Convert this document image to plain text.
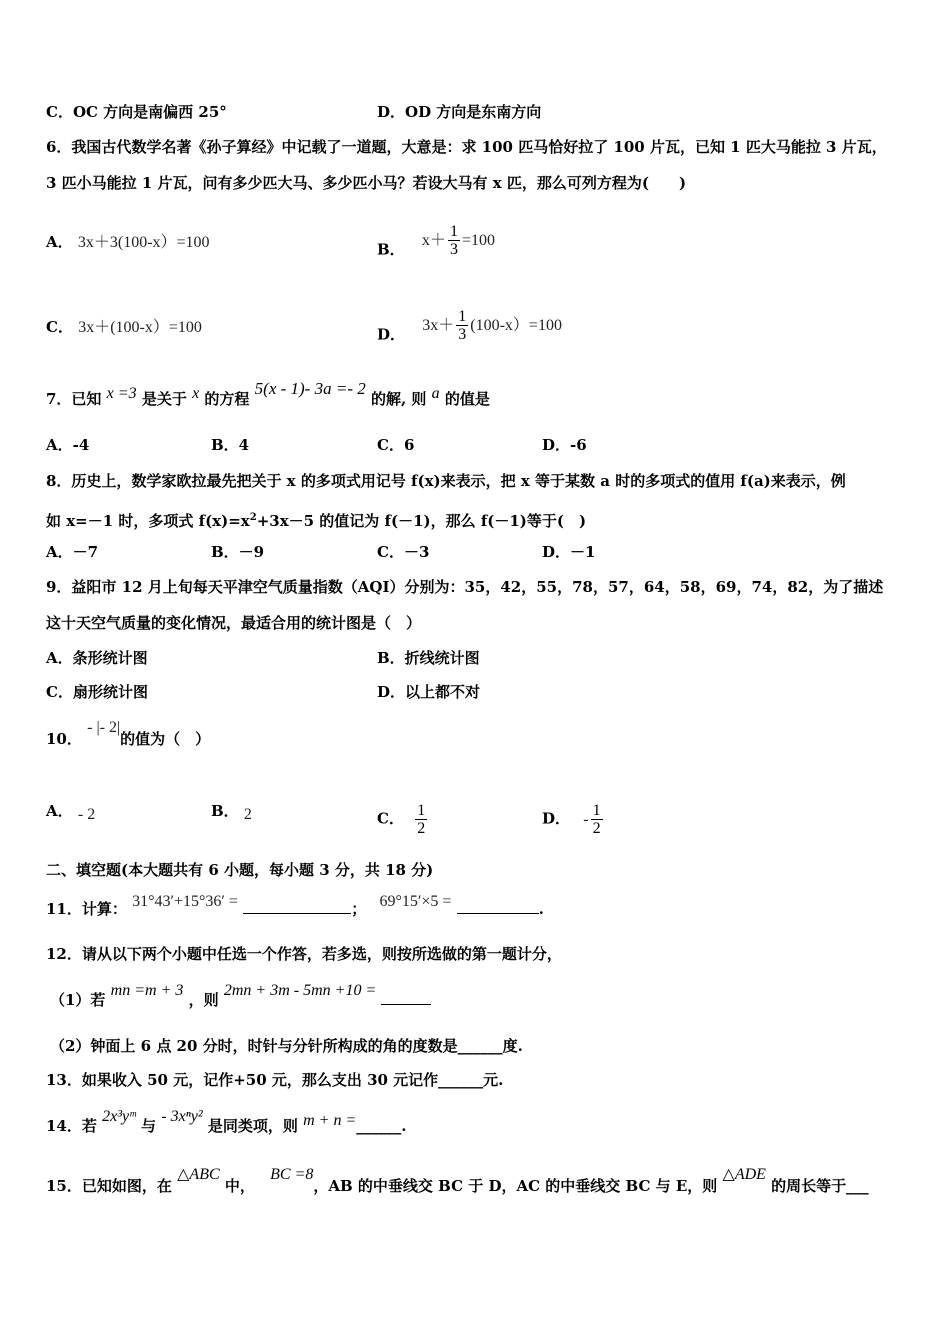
C．OC 方向是南偏西 25°	D．OD 方向是东南方向
6．我国古代数学名著《孙子算经》中记载了一道题，大意是：求 100 匹马恰好拉了 100 片瓦，已知 1 匹大马能拉 3 片瓦，
3 匹小马能拉 1 片瓦，问有多少匹大马、多少匹小马？若设大马有 x 匹，那么可列方程为(　　)
A． 3x＋3(100-x）=100	B． $x+ \frac{1}{3} =100$
C． 3x＋(100-x）=100	D． $3x+ \frac{1}{3} (100-x)=100$
7．已知 x =3 是关于 x 的方程 5(x - 1)- 3a =- 2 的解, 则 a 的值是
A．-4	B．4	C．6	D．-6
8．历史上，数学家欧拉最先把关于 x 的多项式用记号 f(x)来表示，把 x 等于某数 a 时的多项式的值用 f(a)来表示，例
如 x=－1 时，多项式 $f(x)=x^2+3x-5$ 的值记为 f(－1)，那么 f(－1)等于(　)
A．－7	B．－9	C．－3	D．－1
9．益阳市 12 月上旬每天平津空气质量指数（AQI）分别为：35，42，55，78，57，64，58，69，74，82，为了描述
这十天空气质量的变化情况，最适合用的统计图是（　）
A．条形统计图	B．折线统计图
C．扇形统计图	D．以上都不对
10． - |- 2|的值为（　）
A． - 2	B． 2	C． $\frac{1}{2}$	D． - $\frac{1}{2}$
二、填空题(本大题共有 6 小题，每小题 3 分，共 18 分)
11．计算： 31°43′+15°36′ =	； 69°15′×5 =	.
12．请从以下两个小题中任选一个作答，若多选，则按所选做的第一题计分，
（1）若 mn =m + 3 ，则 2mn + 3m - 5mn +10 =
（2）钟面上 6 点 20 分时，时针与分针所构成的角的度数是______度.
13．如果收入 50 元，记作+50 元，那么支出 30 元记作______元.
14．若 2x³yᵐ 与 - 3xⁿy² 是同类项，则 m + n =______.
15．已知如图，在 △ABC 中， BC =8，AB 的中垂线交 BC 于 D，AC 的中垂线交 BC 与 E，则 △ADE 的周长等于___
